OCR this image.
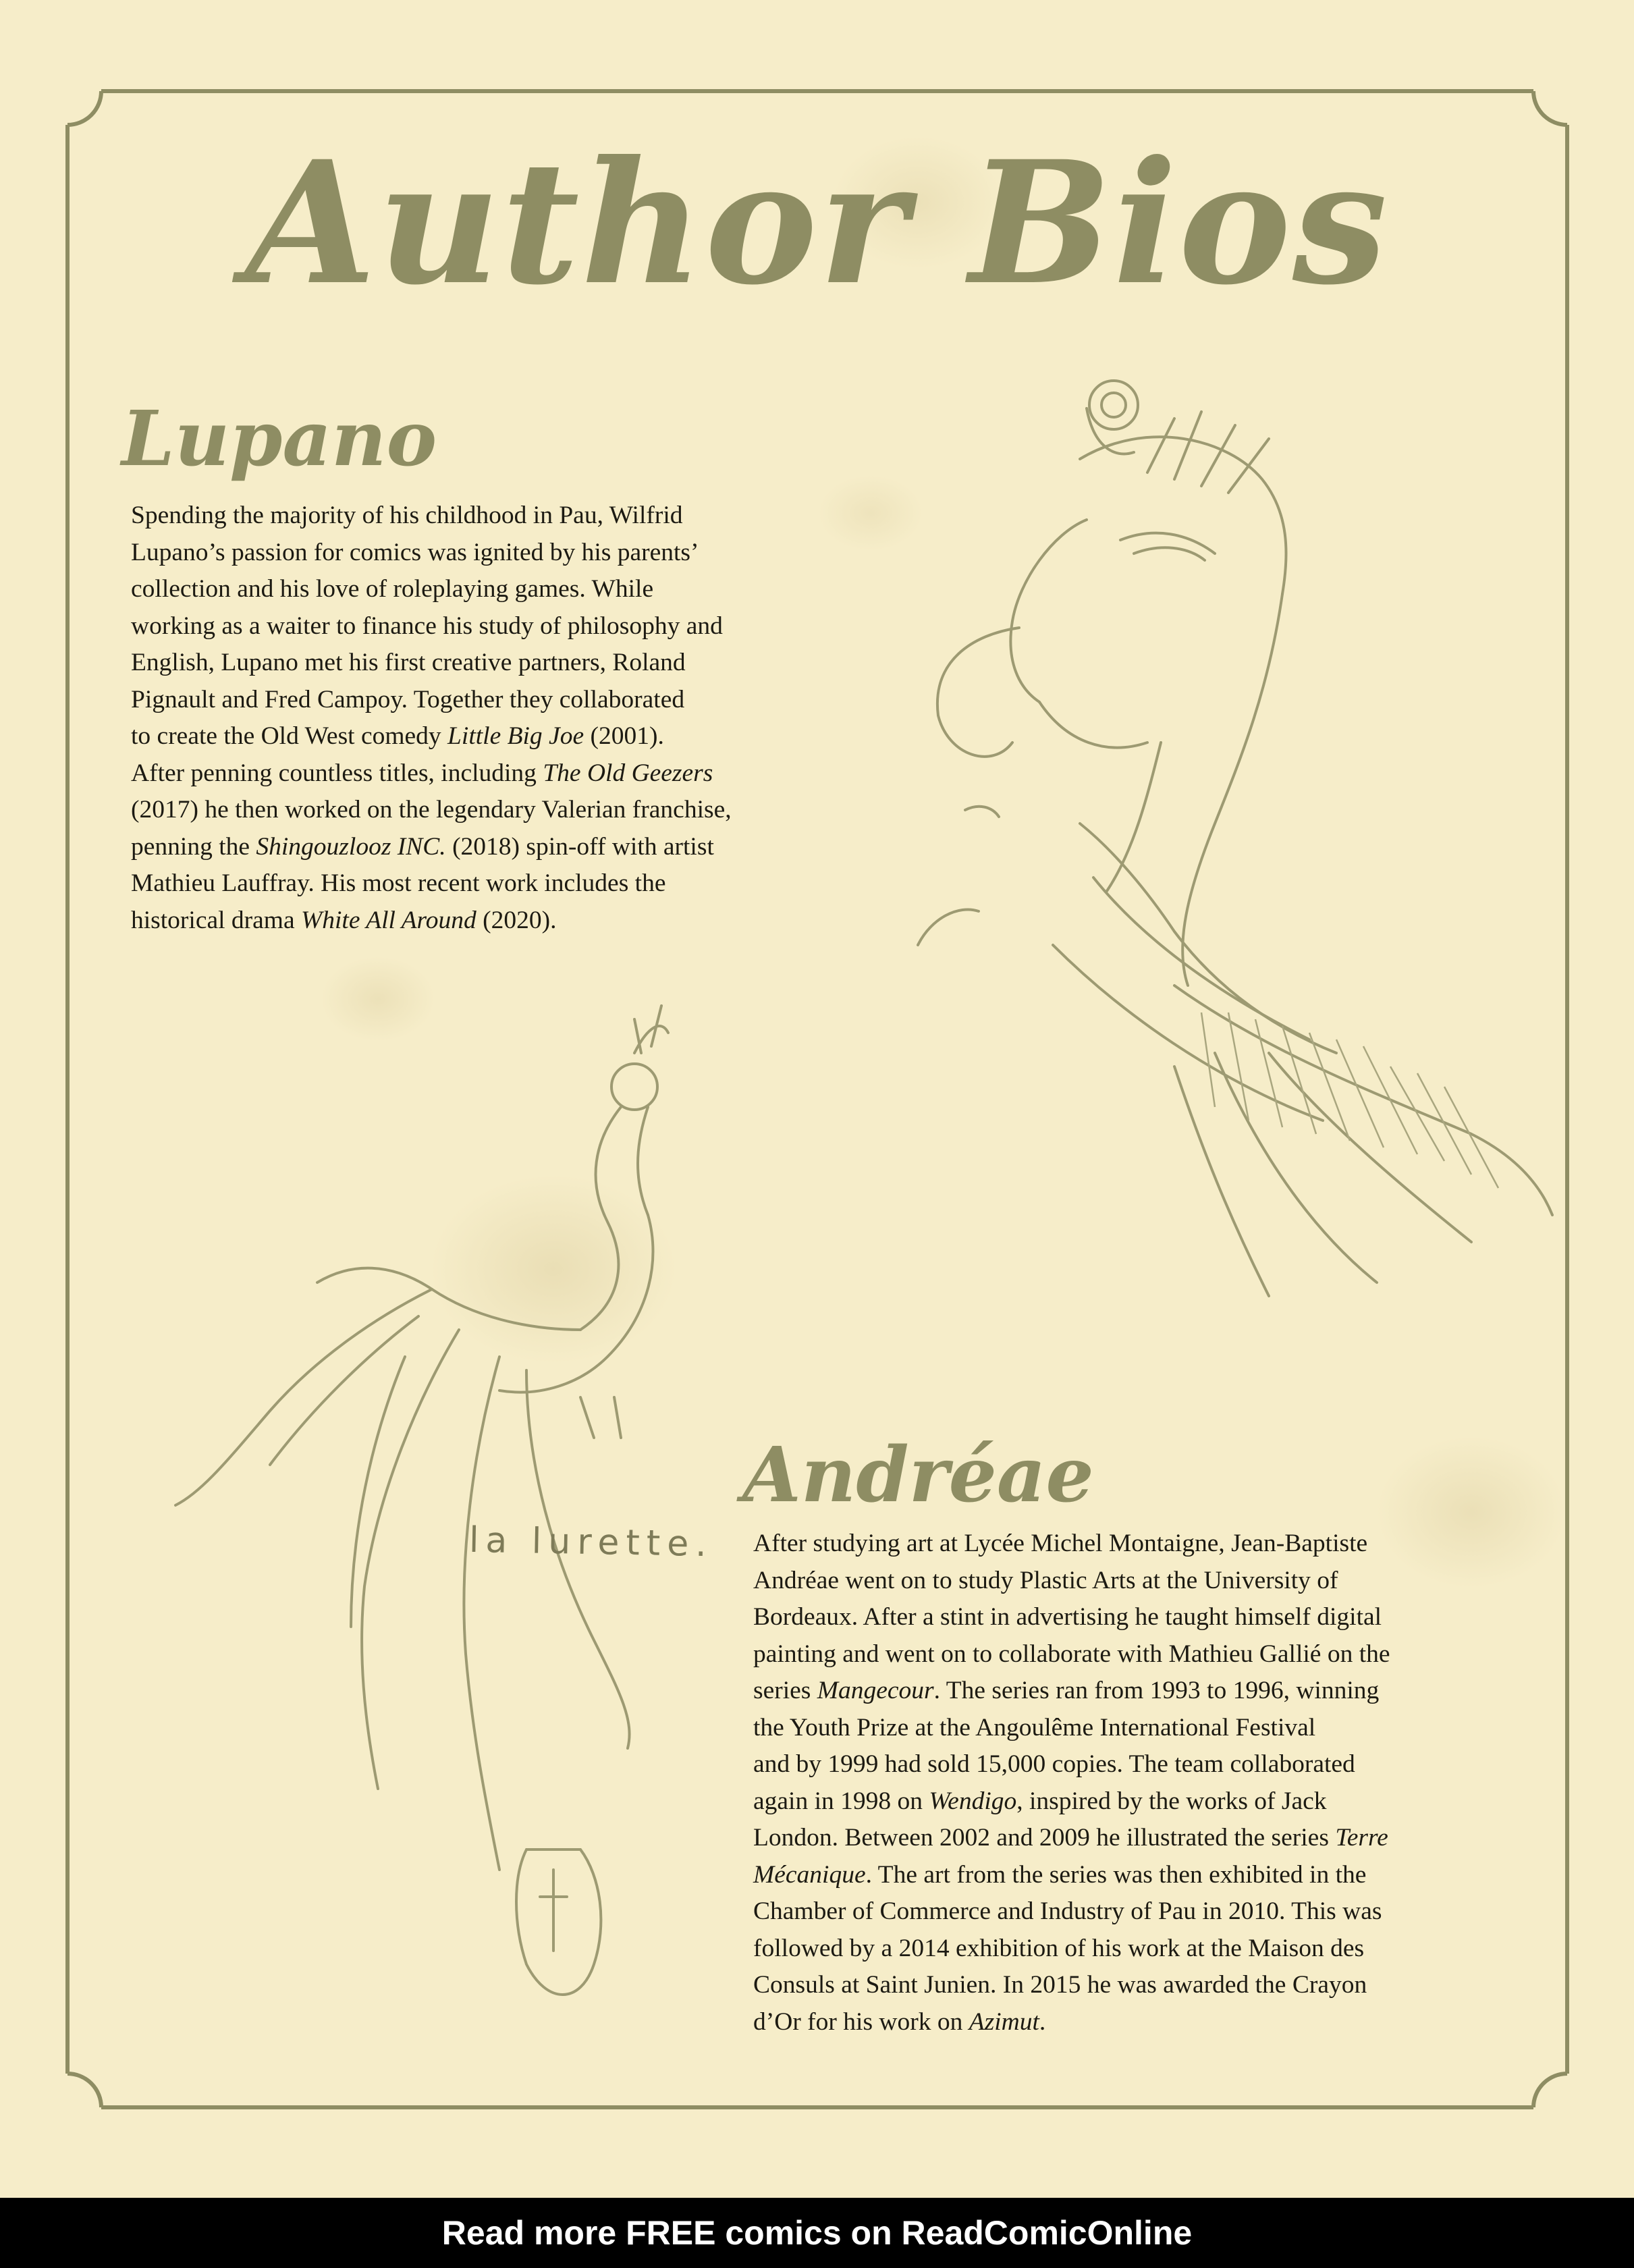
Author Bios
Lupano
Spending the majority of his childhood in Pau, Wilfrid
Lupano’s passion for comics was ignited by his parents’
collection and his love of roleplaying games. While
working as a waiter to finance his study of philosophy and
English, Lupano met his first creative partners, Roland
Pignault and Fred Campoy. Together they collaborated
to create the Old West comedy Little Big Joe (2001).
After penning countless titles, including The Old Geezers
(2017) he then worked on the legendary Valerian franchise,
penning the Shingouzlooz INC. (2018) spin-off with artist
Mathieu Lauffray. His most recent work includes the
historical drama White All Around (2020).
la lurette.
Andréae
After studying art at Lycée Michel Montaigne, Jean-Baptiste
Andréae went on to study Plastic Arts at the University of
Bordeaux. After a stint in advertising he taught himself digital
painting and went on to collaborate with Mathieu Gallié on the
series Mangecour. The series ran from 1993 to 1996, winning
the Youth Prize at the Angoulême International Festival
and by 1999 had sold 15,000 copies. The team collaborated
again in 1998 on Wendigo, inspired by the works of Jack
London. Between 2002 and 2009 he illustrated the series Terre
Mécanique. The art from the series was then exhibited in the
Chamber of Commerce and Industry of Pau in 2010. This was
followed by a 2014 exhibition of his work at the Maison des
Consuls at Saint Junien. In 2015 he was awarded the Crayon
d’Or for his work on Azimut.
Read more FREE comics on ReadComicOnline
